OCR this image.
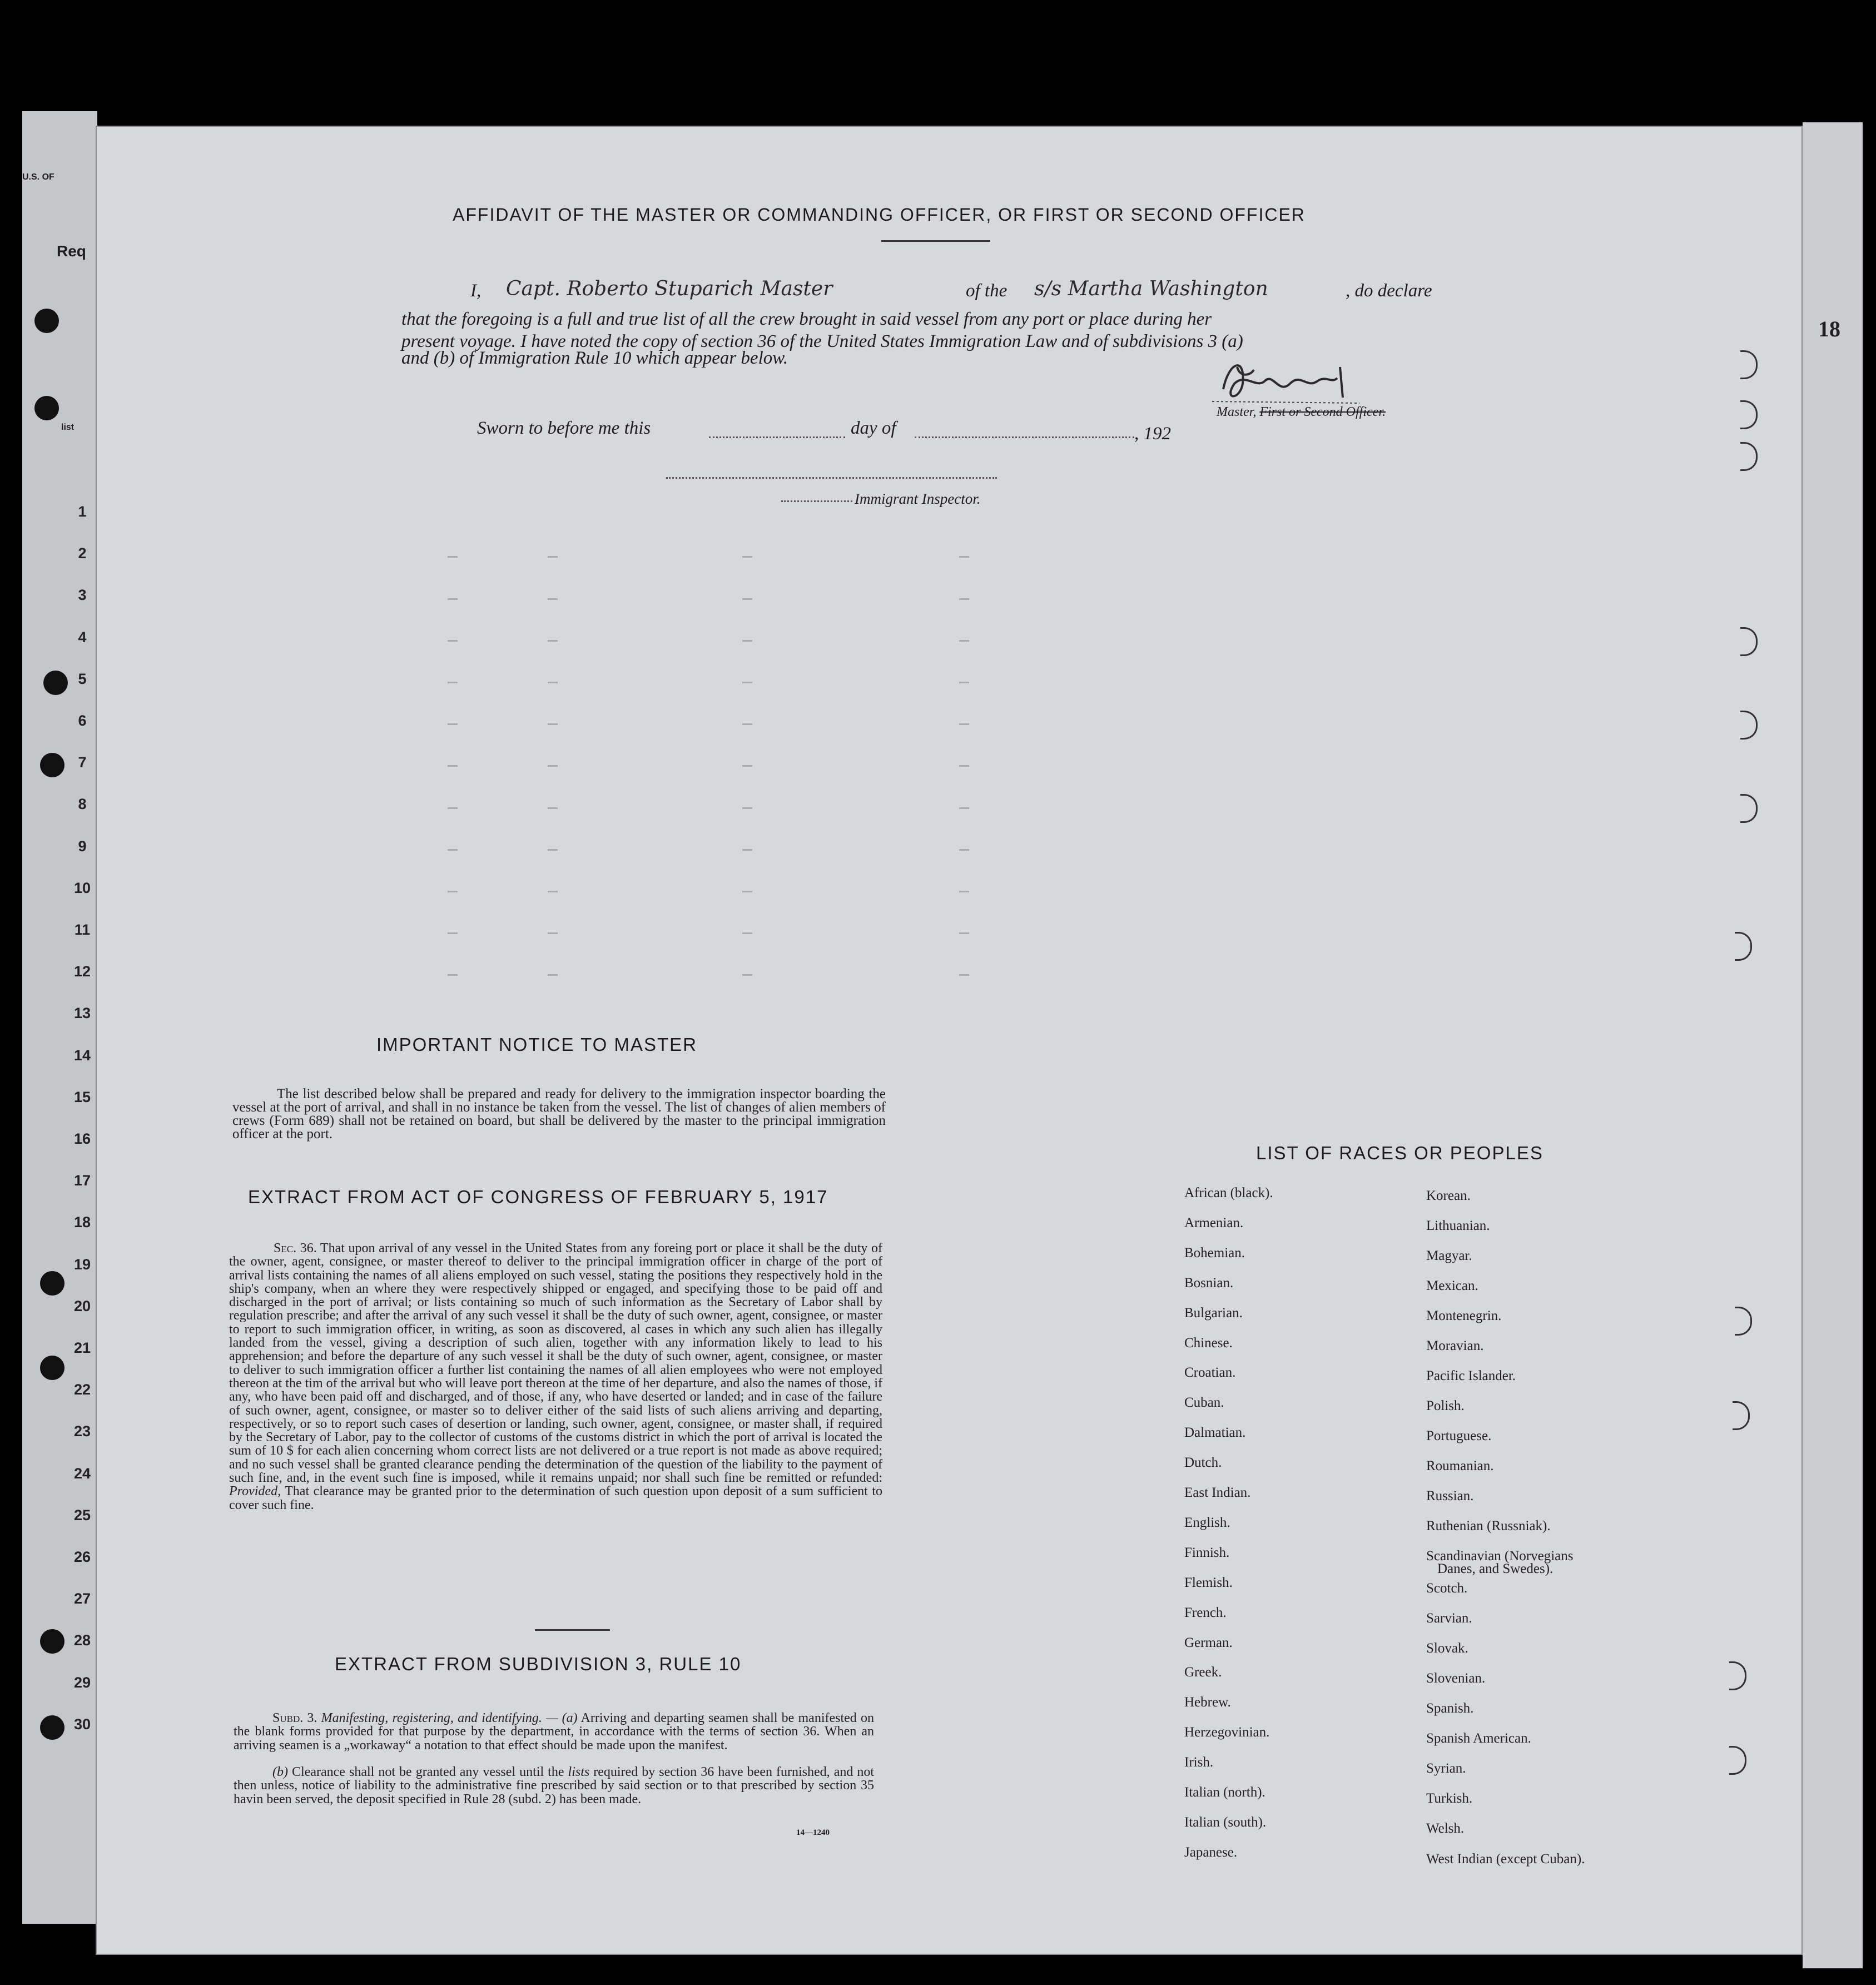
U.S. OF
Req
list
1
2
3
4
5
6
7
8
9
10
11
12
13
14
15
16
17
18
19
20
21
22
23
24
25
26
27
28
29
30
18
AFFIDAVIT OF THE MASTER OR COMMANDING OFFICER, OR FIRST OR SECOND OFFICER
I, Capt. Roberto Stuparich Master	of the s/s Martha Washington	, do declare
that the foregoing is a full and true list of all the crew brought in said vessel from any port or place during her
present voyage. I have noted the copy of section 36 of the United States Immigration Law and of subdivisions 3 (a)
and (b) of Immigration Rule 10 which appear below.
Master, First or Second Officer.
Sworn to before me this	day of	, 192
Immigrant Inspector.
IMPORTANT NOTICE TO MASTER
The list described below shall be prepared and ready for delivery to the immigration inspector boarding the vessel at the port of arrival, and shall in no instance be taken from the vessel. The list of changes of alien members of crews (Form 689) shall not be retained on board, but shall be delivered by the master to the principal immigration officer at the port.
EXTRACT FROM ACT OF CONGRESS OF FEBRUARY 5, 1917
Sec. 36. That upon arrival of any vessel in the United States from any foreing port or place it shall be the duty of the owner, agent, consignee, or master thereof to deliver to the principal immigration officer in charge of the port of arrival lists containing the names of all aliens employed on such vessel, stating the positions they respectively hold in the ship's company, when an where they were respectively shipped or engaged, and specifying those to be paid off and discharged in the port of arrival; or lists containing so much of such information as the Secretary of Labor shall by regulation prescribe; and after the arrival of any such vessel it shall be the duty of such owner, agent, consignee, or master to report to such immigration officer, in writing, as soon as discovered, al cases in which any such alien has illegally landed from the vessel, giving a description of such alien, together with any information likely to lead to his apprehension; and before the departure of any such vessel it shall be the duty of such owner, agent, consignee, or master to deliver to such immigration officer a further list containing the names of all alien employees who were not employed thereon at the tim of the arrival but who will leave port thereon at the time of her departure, and also the names of those, if any, who have been paid off and discharged, and of those, if any, who have deserted or landed; and in case of the failure of such owner, agent, consignee, or master so to deliver either of the said lists of such aliens arriving and departing, respectively, or so to report such cases of desertion or landing, such owner, agent, consignee, or master shall, if required by the Secretary of Labor, pay to the collector of customs of the customs district in which the port of arrival is located the sum of 10 $ for each alien concerning whom correct lists are not delivered or a true report is not made as above required; and no such vessel shall be granted clearance pending the determination of the question of the liability to the payment of such fine, and, in the event such fine is imposed, while it remains unpaid; nor shall such fine be remitted or refunded: Provided, That clearance may be granted prior to the determination of such question upon deposit of a sum sufficient to cover such fine.
EXTRACT FROM SUBDIVISION 3, RULE 10
Subd. 3. Manifesting, registering, and identifying. — (a) Arriving and departing seamen shall be manifested on the blank forms provided for that purpose by the department, in accordance with the terms of section 36. When an arriving seamen is a „workaway“ a notation to that effect should be made upon the manifest.
(b) Clearance shall not be granted any vessel until the lists required by section 36 have been furnished, and not then unless, notice of liability to the administrative fine prescribed by said section or to that prescribed by section 35 havin been served, the deposit specified in Rule 28 (subd. 2) has been made.
14—1240
LIST OF RACES OR PEOPLES
African (black).
Armenian.
Bohemian.
Bosnian.
Bulgarian.
Chinese.
Croatian.
Cuban.
Dalmatian.
Dutch.
East Indian.
English.
Finnish.
Flemish.
French.
German.
Greek.
Hebrew.
Herzegovinian.
Irish.
Italian (north).
Italian (south).
Japanese.
Korean.
Lithuanian.
Magyar.
Mexican.
Montenegrin.
Moravian.
Pacific Islander.
Polish.
Portuguese.
Roumanian.
Russian.
Ruthenian (Russniak).
Scandinavian (Norvegians
Danes, and Swedes).
Scotch.
Sarvian.
Slovak.
Slovenian.
Spanish.
Spanish American.
Syrian.
Turkish.
Welsh.
West Indian (except Cuban).
